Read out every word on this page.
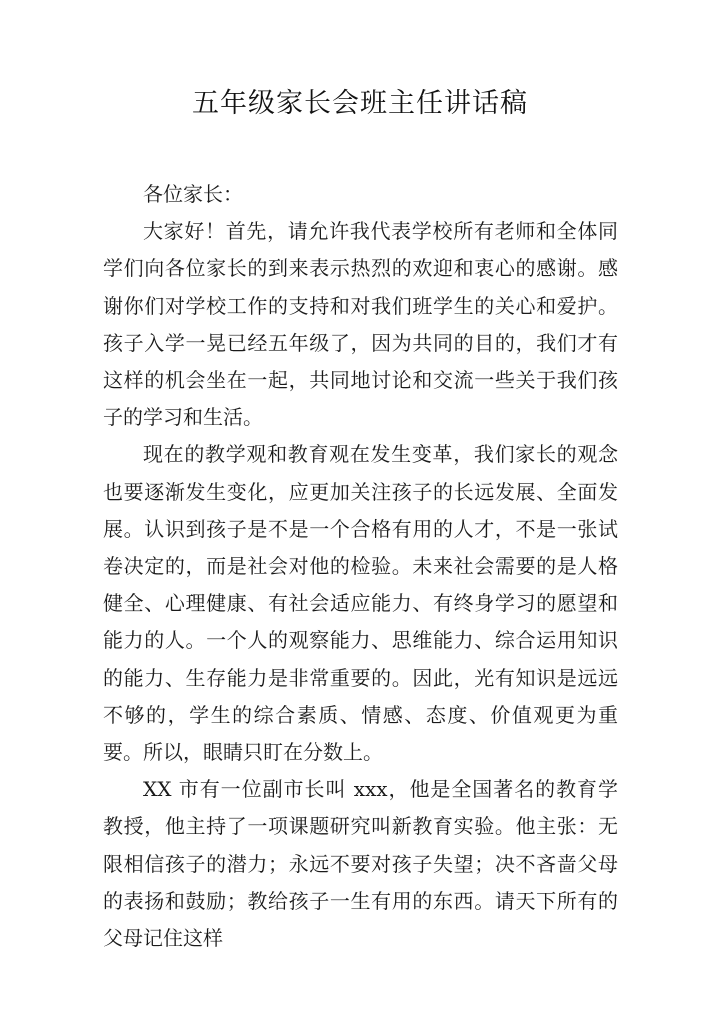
五年级家长会班主任讲话稿

各位家长：

大家好！首先，请允许我代表学校所有老师和全体同学们向各位家长的到来表示热烈的欢迎和衷心的感谢。感谢你们对学校工作的支持和对我们班学生的关心和爱护。孩子入学一晃已经五年级了，因为共同的目的，我们才有这样的机会坐在一起，共同地讨论和交流一些关于我们孩子的学习和生活。

现在的教学观和教育观在发生变革，我们家长的观念也要逐渐发生变化，应更加关注孩子的长远发展、全面发展。认识到孩子是不是一个合格有用的人才，不是一张试卷决定的，而是社会对他的检验。未来社会需要的是人格健全、心理健康、有社会适应能力、有终身学习的愿望和能力的人。一个人的观察能力、思维能力、综合运用知识的能力、生存能力是非常重要的。因此，光有知识是远远不够的，学生的综合素质、情感、态度、价值观更为重要。所以，眼睛只盯在分数上。

XX 市有一位副市长叫 xxx，他是全国著名的教育学教授，他主持了一项课题研究叫新教育实验。他主张：无限相信孩子的潜力；永远不要对孩子失望；决不吝啬父母的表扬和鼓励；教给孩子一生有用的东西。请天下所有的父母记住这样
